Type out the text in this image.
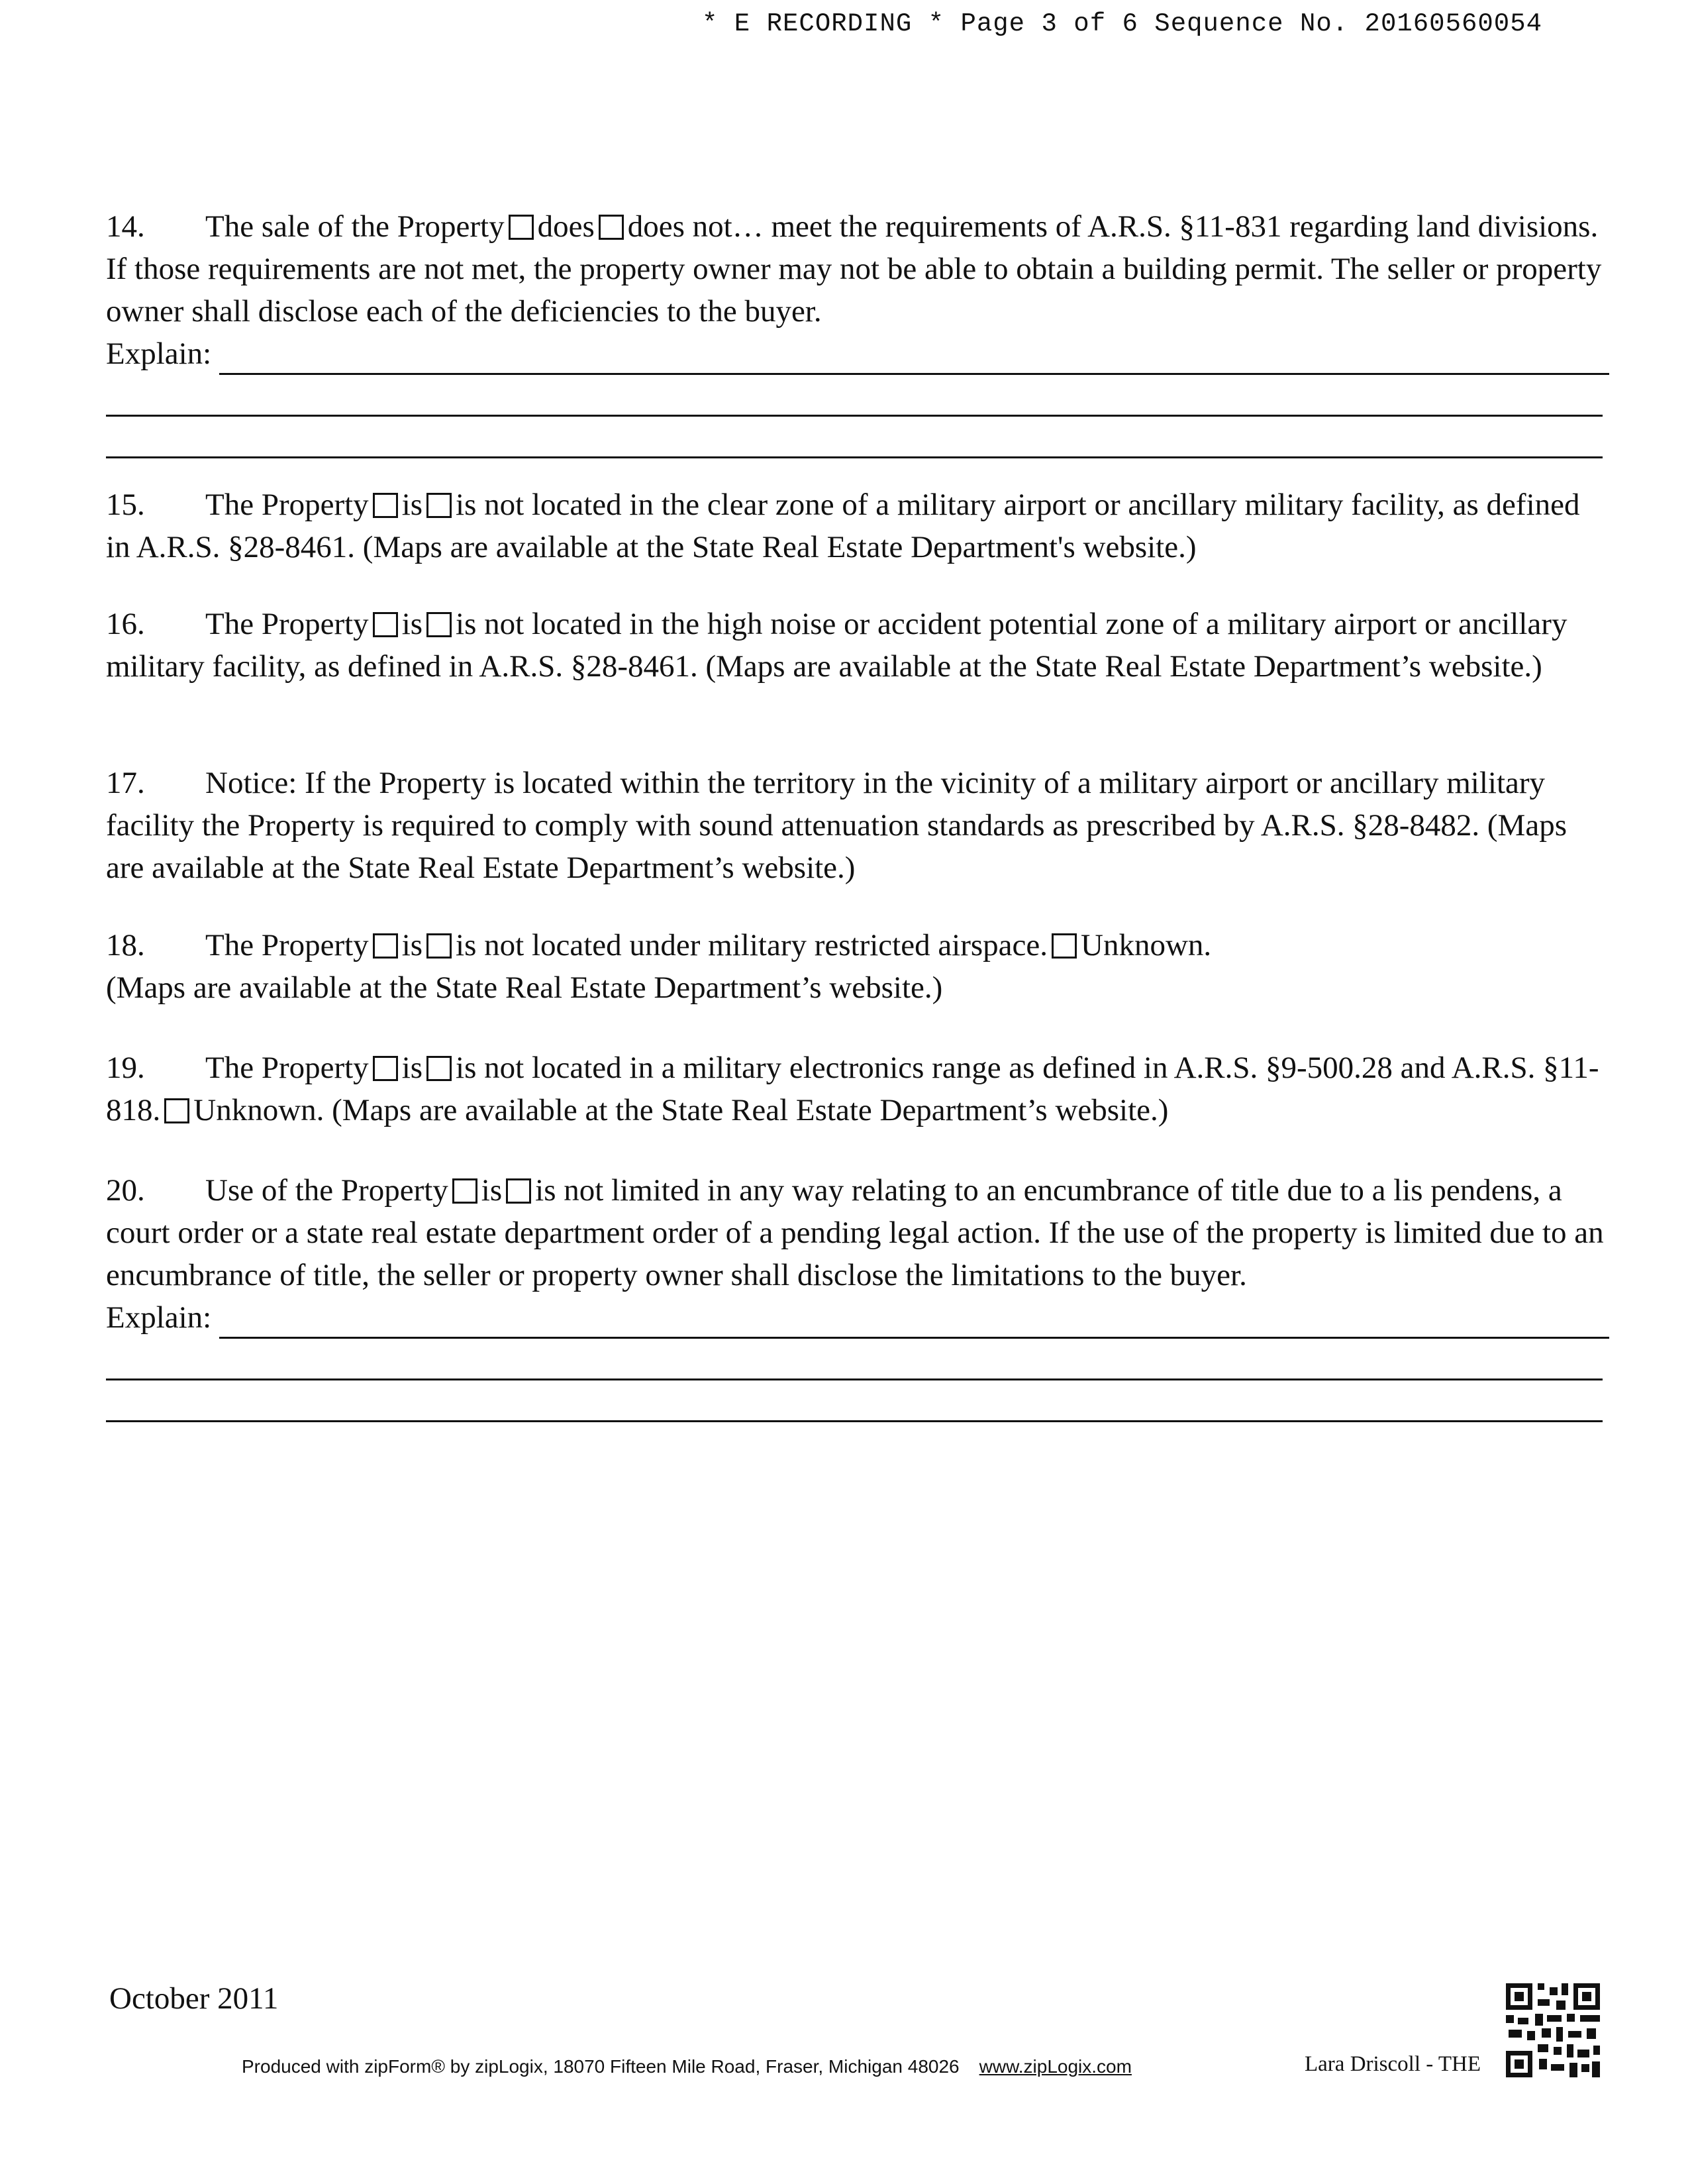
* E RECORDING * Page 3 of 6 Sequence No. 20160560054
14. The sale of the Property does does not… meet the requirements of A.R.S. §11-831 regarding land divisions. If those requirements are not met, the property owner may not be able to obtain a building permit. The seller or property owner shall disclose each of the deficiencies to the buyer.
Explain:
15. The Property is is not located in the clear zone of a military airport or ancillary military facility, as defined in A.R.S. §28-8461. (Maps are available at the State Real Estate Department's website.)
16. The Property is is not located in the high noise or accident potential zone of a military airport or ancillary military facility, as defined in A.R.S. §28-8461. (Maps are available at the State Real Estate Department’s website.)
17. Notice: If the Property is located within the territory in the vicinity of a military airport or ancillary military facility the Property is required to comply with sound attenuation standards as prescribed by A.R.S. §28-8482. (Maps are available at the State Real Estate Department’s website.)
18. The Property is is not located under military restricted airspace. Unknown.
(Maps are available at the State Real Estate Department’s website.)
19. The Property is is not located in a military electronics range as defined in A.R.S. §9-500.28 and A.R.S. §11-818. Unknown. (Maps are available at the State Real Estate Department’s website.)
20. Use of the Property is is not limited in any way relating to an encumbrance of title due to a lis pendens, a court order or a state real estate department order of a pending legal action. If the use of the property is limited due to an encumbrance of title, the seller or property owner shall disclose the limitations to the buyer.
Explain:
October 2011
Produced with zipForm® by zipLogix, 18070 Fifteen Mile Road, Fraser, Michigan 48026 www.zipLogix.com	Lara Driscoll - THE
